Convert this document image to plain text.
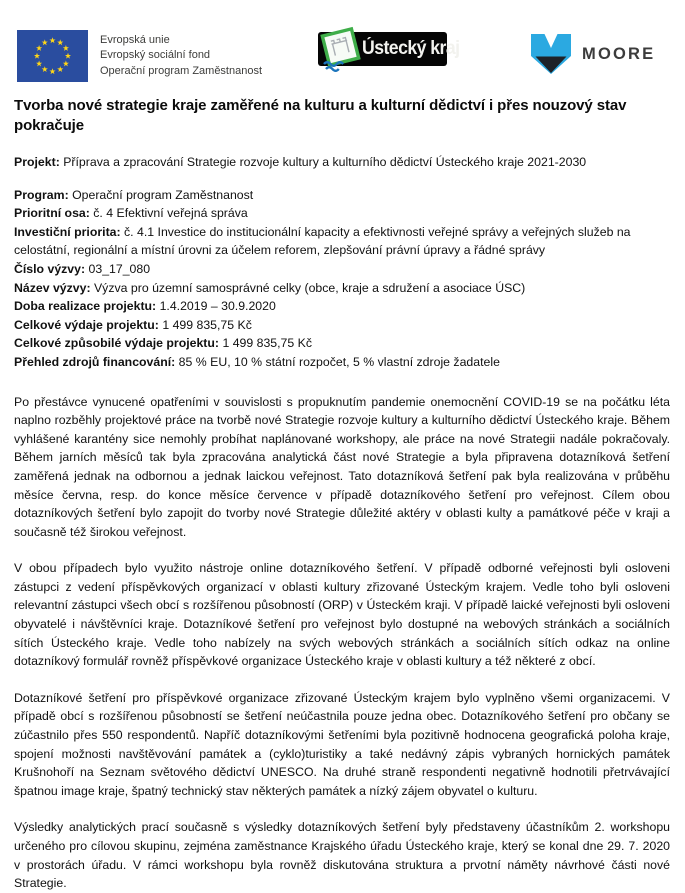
Evropská unie
Evropský sociální fond
Operační program Zaměstnanost
Ústecký kraj	MOORE
Tvorba nové strategie kraje zaměřené na kulturu a kulturní dědictví i přes nouzový stav pokračuje

Projekt: Příprava a zpracování Strategie rozvoje kultury a kulturního dědictví Ústeckého kraje 2021-2030

Program: Operační program Zaměstnanost

Prioritní osa: č. 4 Efektivní veřejná správa

Investiční priorita: č. 4.1 Investice do institucionální kapacity a efektivnosti veřejné správy a veřejných služeb na celostátní, regionální a místní úrovni za účelem reforem, zlepšování právní úpravy a řádné správy

Číslo výzvy: 03_17_080

Název výzvy: Výzva pro územní samosprávné celky (obce, kraje a sdružení a asociace ÚSC)

Doba realizace projektu: 1.4.2019 – 30.9.2020

Celkové výdaje projektu: 1 499 835,75 Kč

Celkové způsobilé výdaje projektu: 1 499 835,75 Kč

Přehled zdrojů financování: 85 % EU, 10 % státní rozpočet, 5 % vlastní zdroje žadatele

Po přestávce vynucené opatřeními v souvislosti s propuknutím pandemie onemocnění COVID-19 se na počátku léta naplno rozběhly projektové práce na tvorbě nové Strategie rozvoje kultury a kulturního dědictví Ústeckého kraje. Během vyhlášené karantény sice nemohly probíhat naplánované workshopy, ale práce na nové Strategii nadále pokračovaly. Během jarních měsíců tak byla zpracována analytická část nové Strategie a byla připravena dotazníková šetření zaměřená jednak na odbornou a jednak laickou veřejnost. Tato dotazníková šetření pak byla realizována v průběhu měsíce června, resp. do konce měsíce července v případě dotazníkového šetření pro veřejnost. Cílem obou dotazníkových šetření bylo zapojit do tvorby nové Strategie důležité aktéry v oblasti kulty a památkové péče v kraji a současně též širokou veřejnost.

V obou případech bylo využito nástroje online dotazníkového šetření. V případě odborné veřejnosti byli osloveni zástupci z vedení příspěvkových organizací v oblasti kultury zřizované Ústeckým krajem. Vedle toho byli osloveni relevantní zástupci všech obcí s rozšířenou působností (ORP) v Ústeckém kraji. V případě laické veřejnosti byli osloveni obyvatelé i návštěvníci kraje. Dotazníkové šetření pro veřejnost bylo dostupné na webových stránkách a sociálních sítích Ústeckého kraje. Vedle toho nabízely na svých webových stránkách a sociálních sítích odkaz na online dotazníkový formulář rovněž příspěvkové organizace Ústeckého kraje v oblasti kultury a též některé z obcí.

Dotazníkové šetření pro příspěvkové organizace zřizované Ústeckým krajem bylo vyplněno všemi organizacemi. V případě obcí s rozšířenou působností se šetření neúčastnila pouze jedna obec. Dotazníkového šetření pro občany se zúčastnilo přes 550 respondentů. Napříč dotazníkovými šetřeními byla pozitivně hodnocena geografická poloha kraje, spojení možnosti navštěvování památek a (cyklo)turistiky a také nedávný zápis vybraných hornických památek Krušnohoří na Seznam světového dědictví UNESCO. Na druhé straně respondenti negativně hodnotili přetrvávající špatnou image kraje, špatný technický stav některých památek a nízký zájem obyvatel o kulturu.

Výsledky analytických prací současně s výsledky dotazníkových šetření byly představeny účastníkům 2. workshopu určeného pro cílovou skupinu, zejména zaměstnance Krajského úřadu Ústeckého kraje, který se konal dne 29. 7. 2020 v prostorách úřadu. V rámci workshopu byla rovněž diskutována struktura a prvotní náměty návrhové části nové Strategie.
